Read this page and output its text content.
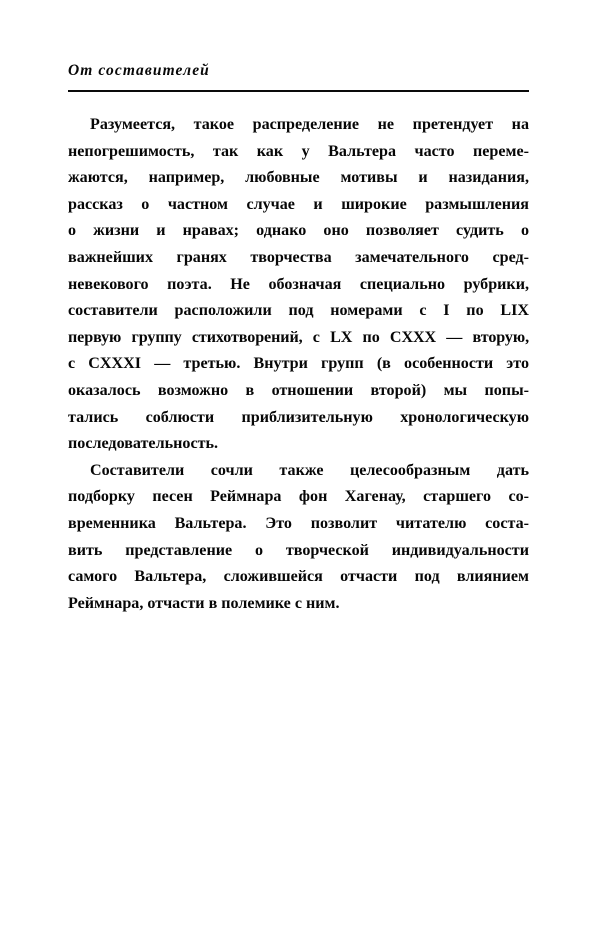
От составителей

Разумеется, такое распределение не претендует на
непогрешимость, так как у Вальтера часто переме-
жаются, например, любовные мотивы и назидания,
рассказ о частном случае и широкие размышления
о жизни и нравах; однако оно позволяет судить о
важнейших гранях творчества замечательного сред-
невекового поэта. Не обозначая специально рубрики,
составители расположили под номерами с I по LIX
первую группу стихотворений, с LX по CXXX — вторую,
с CXXXI — третью. Внутри групп (в особенности это
оказалось возможно в отношении второй) мы попы-
тались соблюсти приблизительную хронологическую
последовательность.

Составители сочли также целесообразным дать
подборку песен Реймнара фон Хагенау, старшего со-
временника Вальтера. Это позволит читателю соста-
вить представление о творческой индивидуальности
самого Вальтера, сложившейся отчасти под влиянием
Реймнара, отчасти в полемике с ним.
